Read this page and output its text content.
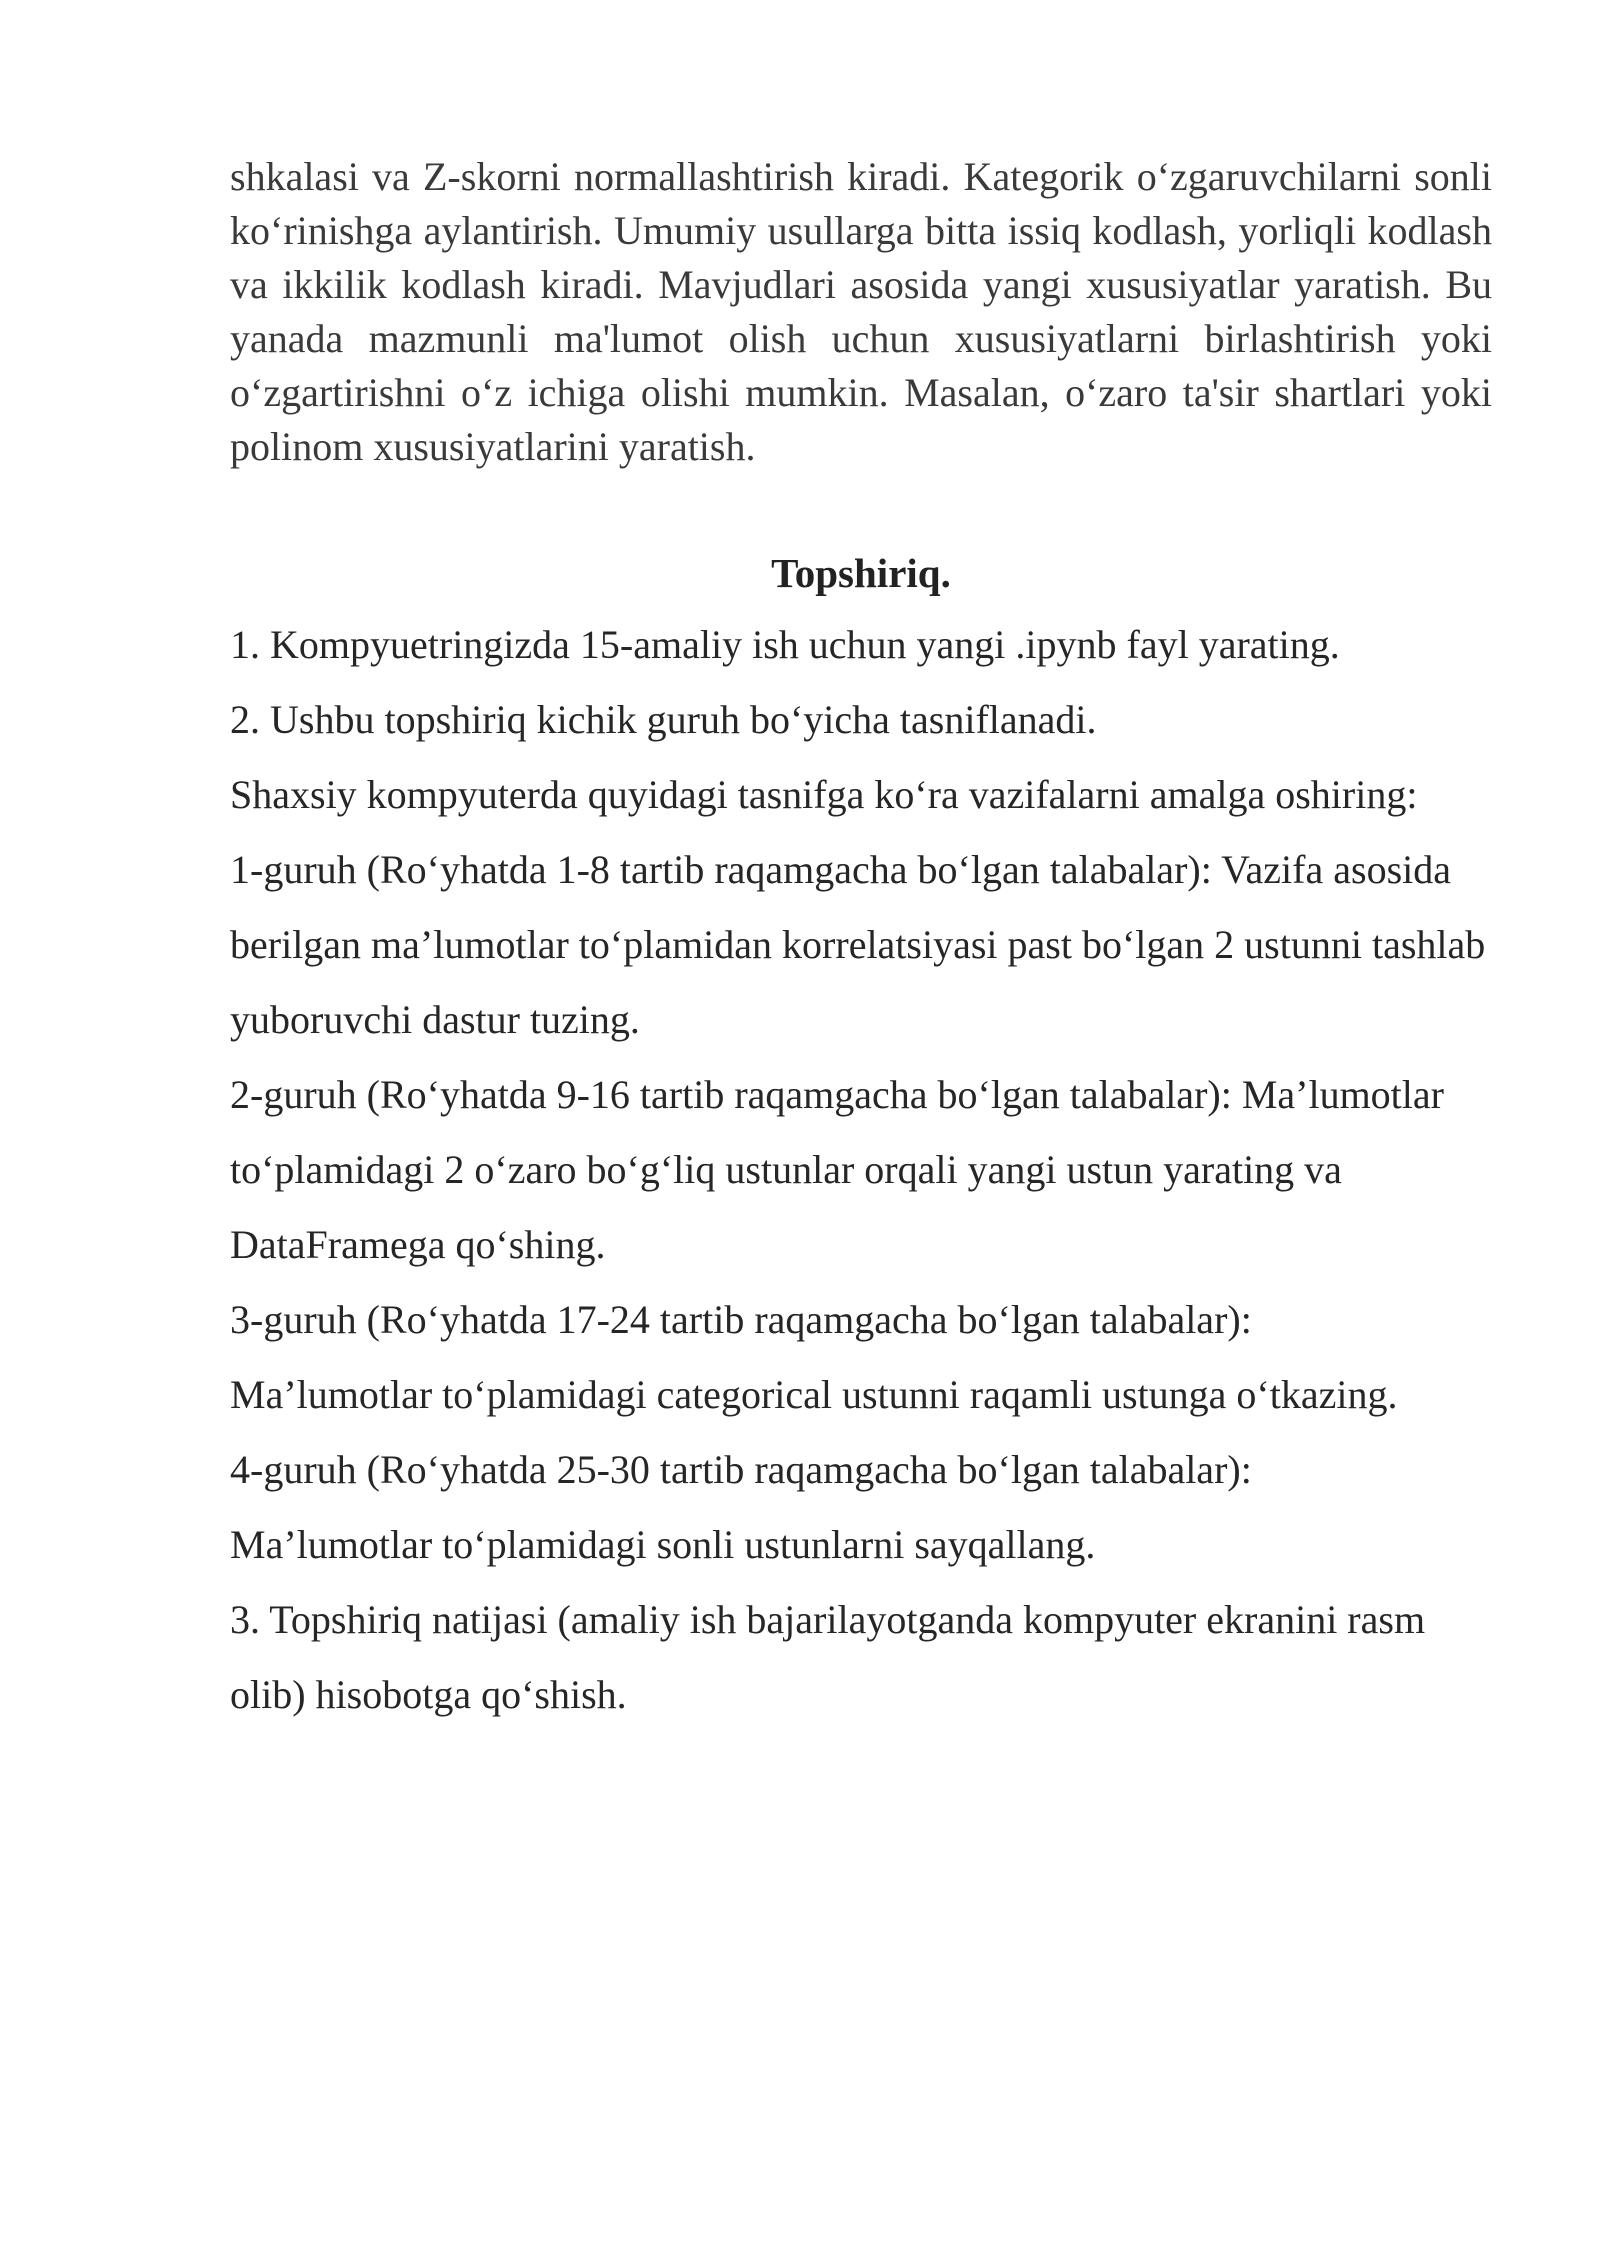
shkalasi va Z-skorni normallashtirish kiradi. Kategorik o‘zgaruvchilarni sonli ko‘rinishga aylantirish. Umumiy usullarga bitta issiq kodlash, yorliqli kodlash va ikkilik kodlash kiradi. Mavjudlari asosida yangi xususiyatlar yaratish. Bu yanada mazmunli ma'lumot olish uchun xususiyatlarni birlashtirish yoki o‘zgartirishni o‘z ichiga olishi mumkin. Masalan, o‘zaro ta'sir shartlari yoki polinom xususiyatlarini yaratish.

Topshiriq.
1. Kompyuetringizda 15-amaliy ish uchun yangi .ipynb fayl yarating.
2. Ushbu topshiriq kichik guruh bo‘yicha tasniflanadi.
Shaxsiy kompyuterda quyidagi tasnifga ko‘ra vazifalarni amalga oshiring:
1-guruh (Ro‘yhatda 1-8 tartib raqamgacha bo‘lgan talabalar): Vazifa asosida
berilgan ma’lumotlar to‘plamidan korrelatsiyasi past bo‘lgan 2 ustunni tashlab
yuboruvchi dastur tuzing.
2-guruh (Ro‘yhatda 9-16 tartib raqamgacha bo‘lgan talabalar): Ma’lumotlar
to‘plamidagi 2 o‘zaro bo‘g‘liq ustunlar orqali yangi ustun yarating va
DataFramega qo‘shing.
3-guruh (Ro‘yhatda 17-24 tartib raqamgacha bo‘lgan talabalar):
Ma’lumotlar to‘plamidagi categorical ustunni raqamli ustunga o‘tkazing.
4-guruh (Ro‘yhatda 25-30 tartib raqamgacha bo‘lgan talabalar):
Ma’lumotlar to‘plamidagi sonli ustunlarni sayqallang.
3. Topshiriq natijasi (amaliy ish bajarilayotganda kompyuter ekranini rasm
olib) hisobotga qo‘shish.
